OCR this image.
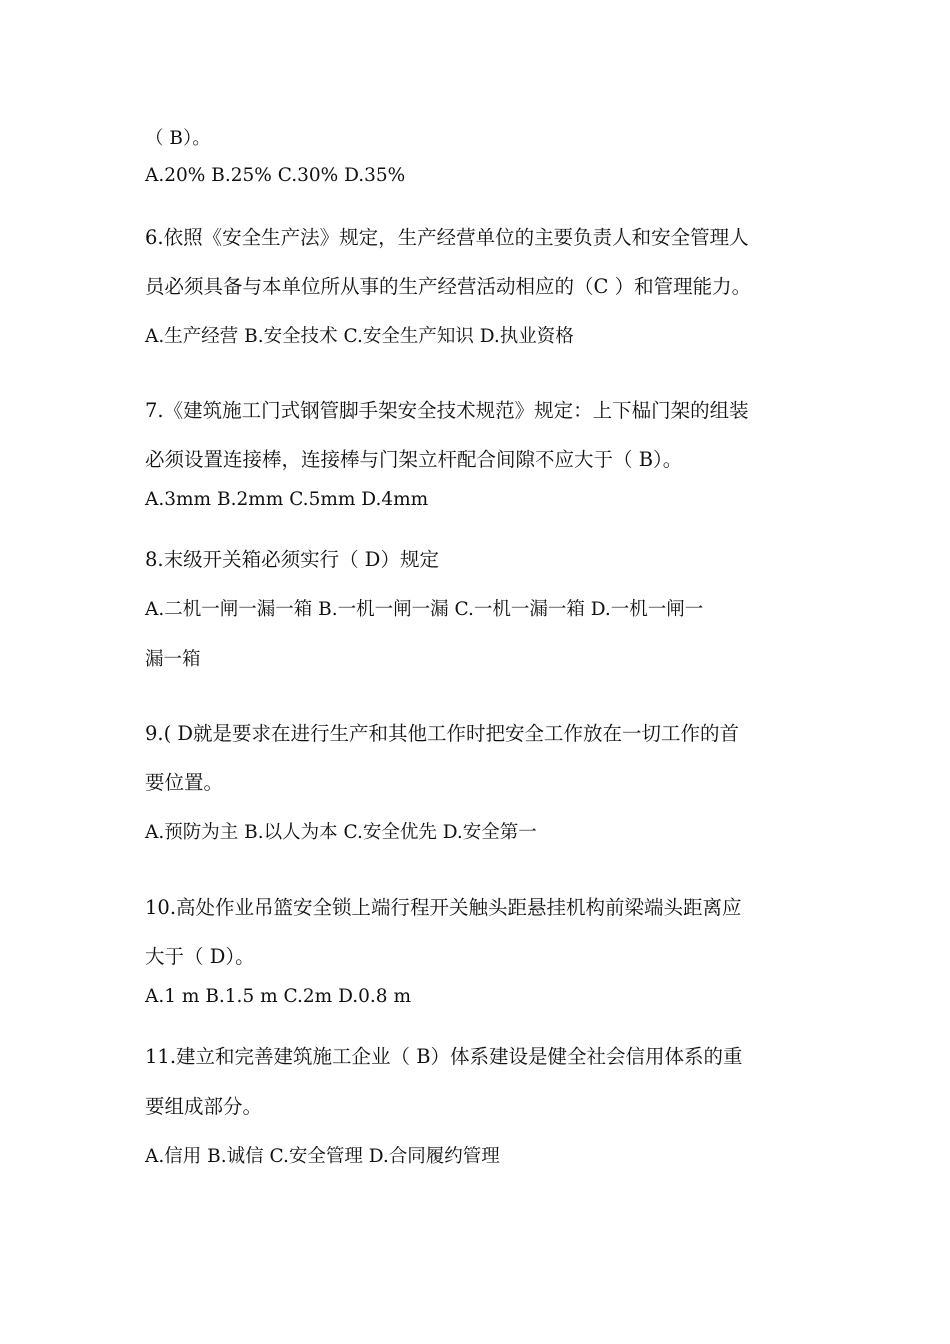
（ B）。
A.20% B.25% C.30% D.35%
6.依照《安全生产法》规定，生产经营单位的主要负责人和安全管理人
员必须具备与本单位所从事的生产经营活动相应的（C ）和管理能力。
A.生产经营 B.安全技术 C.安全生产知识 D.执业资格
7.《建筑施工门式钢管脚手架安全技术规范》规定：上下榀门架的组装
必须设置连接棒，连接棒与门架立杆配合间隙不应大于（ B）。
A.3mm B.2mm C.5mm D.4mm
8.末级开关箱必须实行（ D）规定
A.二机一闸一漏一箱 B.一机一闸一漏 C.一机一漏一箱 D.一机一闸一
漏一箱
9.( D就是要求在进行生产和其他工作时把安全工作放在一切工作的首
要位置。
A.预防为主 B.以人为本 C.安全优先 D.安全第一
10.高处作业吊篮安全锁上端行程开关触头距悬挂机构前梁端头距离应
大于（ D）。
A.1 m B.1.5 m C.2m D.0.8 m
11.建立和完善建筑施工企业（ B）体系建设是健全社会信用体系的重
要组成部分。
A.信用 B.诚信 C.安全管理 D.合同履约管理
